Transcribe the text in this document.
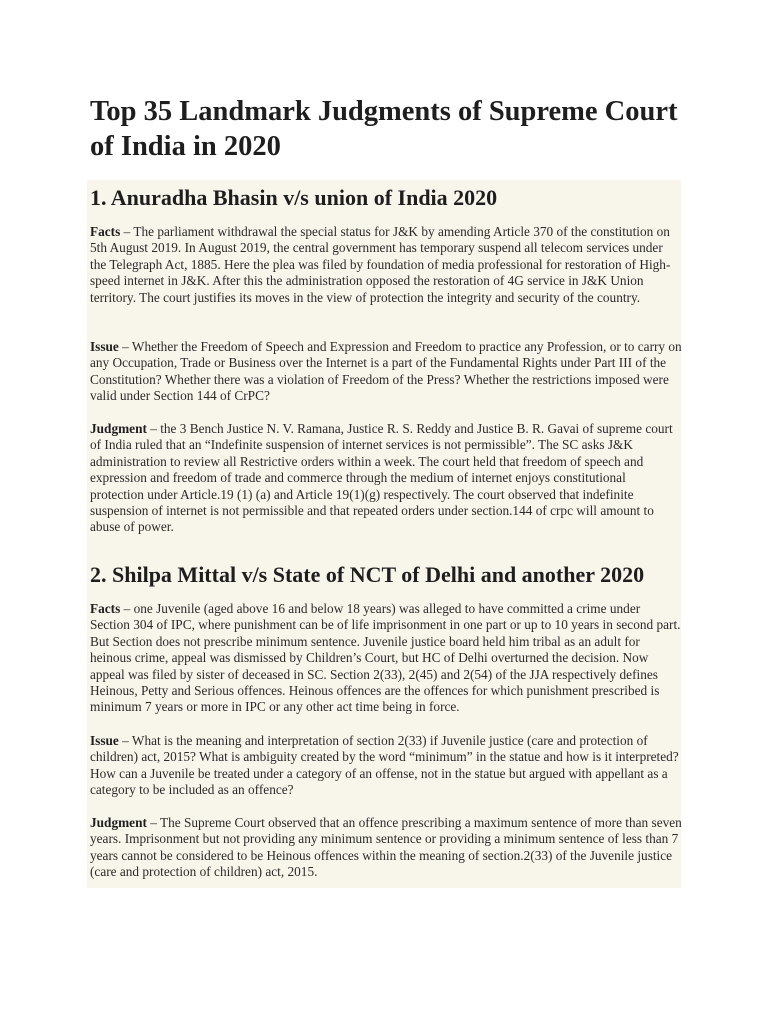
Top 35 Landmark Judgments of Supreme Court of India in 2020
1. Anuradha Bhasin v/s union of India 2020

Facts – The parliament withdrawal the special status for J&K by amending Article 370 of the constitution on 5th August 2019. In August 2019, the central government has temporary suspend all telecom services under the Telegraph Act, 1885. Here the plea was filed by foundation of media professional for restoration of High-speed internet in J&K. After this the administration opposed the restoration of 4G service in J&K Union territory. The court justifies its moves in the view of protection the integrity and security of the country.

Issue – Whether the Freedom of Speech and Expression and Freedom to practice any Profession, or to carry on any Occupation, Trade or Business over the Internet is a part of the Fundamental Rights under Part III of the Constitution? Whether there was a violation of Freedom of the Press? Whether the restrictions imposed were valid under Section 144 of CrPC?

Judgment – the 3 Bench Justice N. V. Ramana, Justice R. S. Reddy and Justice B. R. Gavai of supreme court of India ruled that an “Indefinite suspension of internet services is not permissible”. The SC asks J&K administration to review all Restrictive orders within a week. The court held that freedom of speech and expression and freedom of trade and commerce through the medium of internet enjoys constitutional protection under Article.19 (1) (a) and Article 19(1)(g) respectively. The court observed that indefinite suspension of internet is not permissible and that repeated orders under section.144 of crpc will amount to abuse of power.

2. Shilpa Mittal v/s State of NCT of Delhi and another 2020

Facts – one Juvenile (aged above 16 and below 18 years) was alleged to have committed a crime under Section 304 of IPC, where punishment can be of life imprisonment in one part or up to 10 years in second part. But Section does not prescribe minimum sentence. Juvenile justice board held him tribal as an adult for heinous crime, appeal was dismissed by Children’s Court, but HC of Delhi overturned the decision. Now appeal was filed by sister of deceased in SC. Section 2(33), 2(45) and 2(54) of the JJA respectively defines Heinous, Petty and Serious offences. Heinous offences are the offences for which punishment prescribed is minimum 7 years or more in IPC or any other act time being in force.

Issue – What is the meaning and interpretation of section 2(33) if Juvenile justice (care and protection of children) act, 2015? What is ambiguity created by the word “minimum” in the statue and how is it interpreted? How can a Juvenile be treated under a category of an offense, not in the statue but argued with appellant as a category to be included as an offence?

Judgment – The Supreme Court observed that an offence prescribing a maximum sentence of more than seven years. Imprisonment but not providing any minimum sentence or providing a minimum sentence of less than 7 years cannot be considered to be Heinous offences within the meaning of section.2(33) of the Juvenile justice (care and protection of children) act, 2015.
